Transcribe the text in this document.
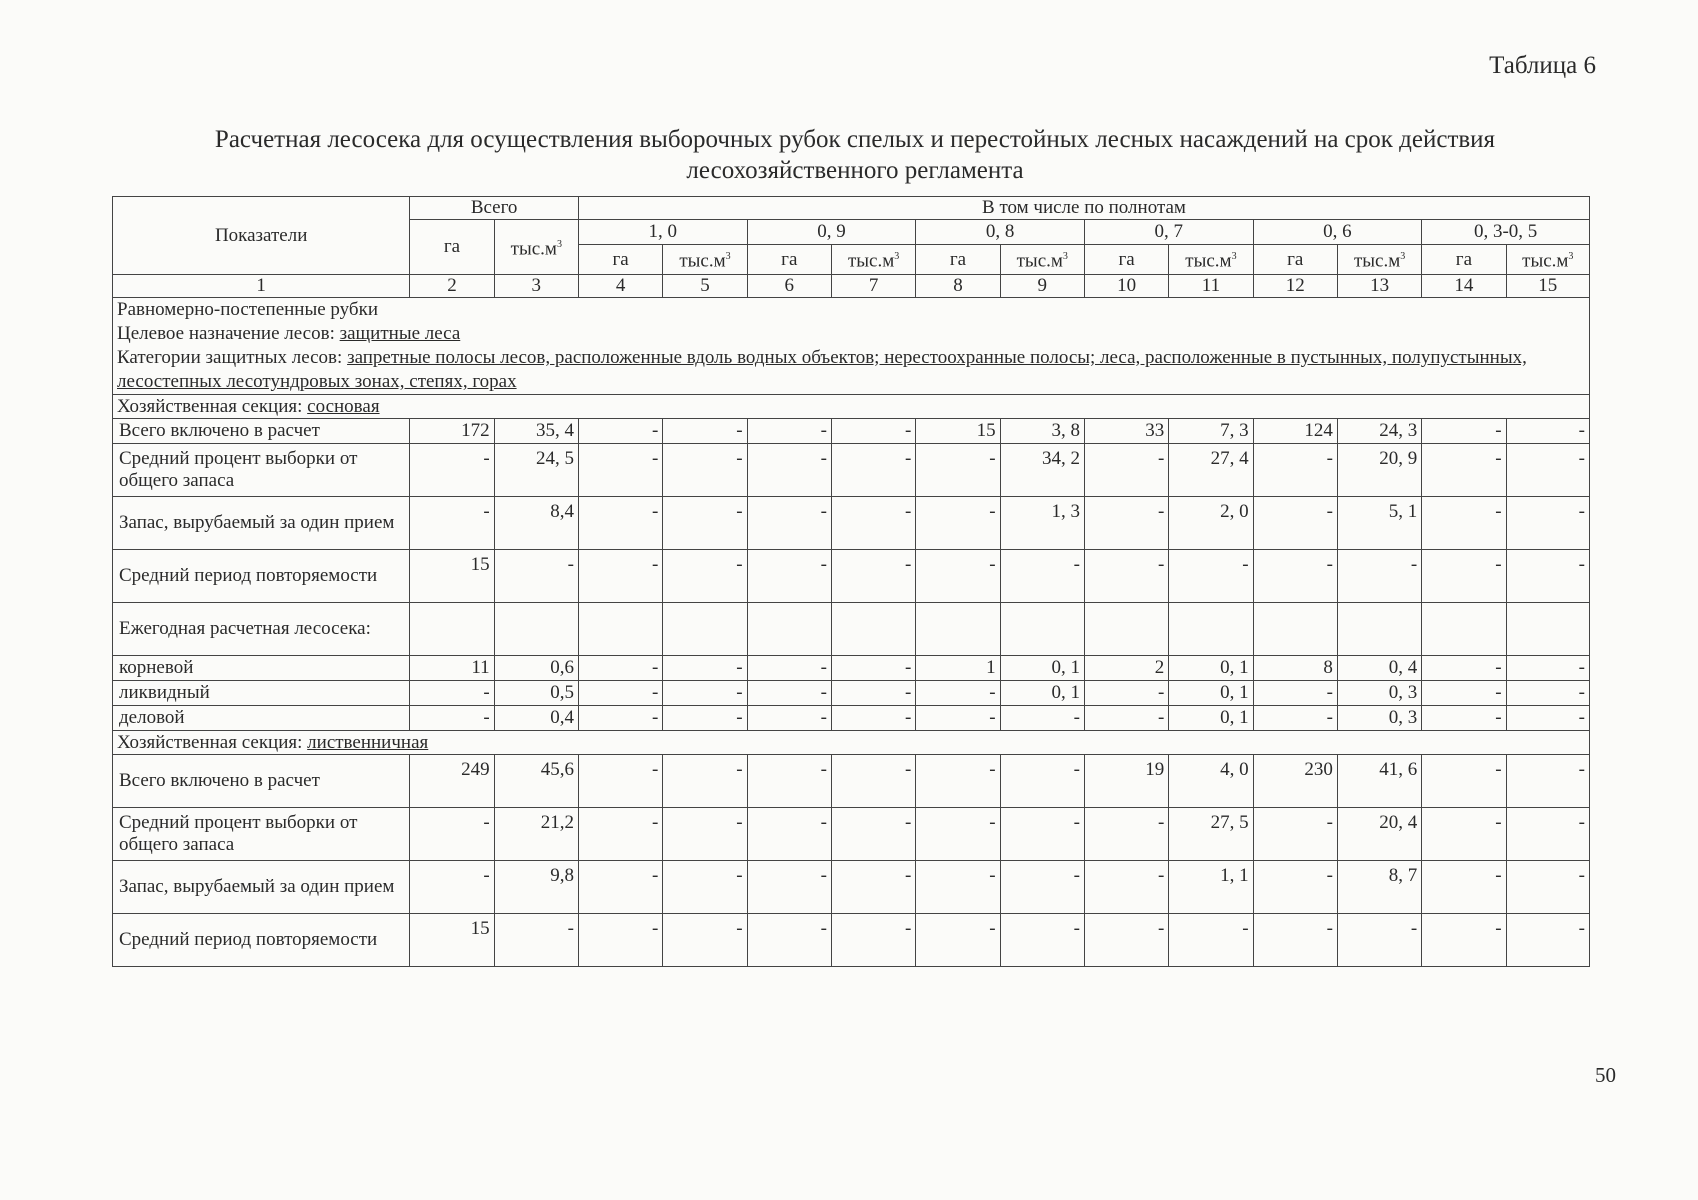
Таблица 6
Расчетная лесосека для осуществления выборочных рубок спелых и перестойных лесных насаждений на срок действия лесохозяйственного регламента
Показатели	Всего		В том числе по полнотам											
	га	$тыс.м^3$	1, 0		0, 9		0, 8		0, 7		0, 6		0, 3-0, 5	
			га	$тыс.м^3$	га	$тыс.м^3$	га	$тыс.м^3$	га	$тыс.м^3$	га	$тыс.м^3$	га	$тыс.м^3$
1	2	3	4	5	6	7	8	9	10	11	12	13	14	15

Равномерно-постепенные рубки
Целевое назначение лесов: защитные леса
Категории защитных лесов: запретные полосы лесов, расположенные вдоль водных объектов; нерестоохранные полосы; леса, расположенные в пустынных, полупустынных, лесостепных лесотундровых зонах, степях, горах														

Хозяйственная секция: сосновая														
Всего включено в расчет	172	35, 4	-	-	-	-	15	3, 8	33	7, 3	124	24, 3	-	-
Средний процент выборки от общего запаса	-	24, 5	-	-	-	-	-	34, 2	-	27, 4	-	20, 9	-	-
Запас, вырубаемый за один прием	-	8,4	-	-	-	-	-	1, 3	-	2, 0	-	5, 1	-	-
Средний период повторяемости	15	-	-	-	-	-	-	-	-	-	-	-	-	-
Ежегодная расчетная лесосека:														
корневой	11	0,6	-	-	-	-	1	0, 1	2	0, 1	8	0, 4	-	-
ликвидный	-	0,5	-	-	-	-	-	0, 1	-	0, 1	-	0, 3	-	-
деловой	-	0,4	-	-	-	-	-	-	-	0, 1	-	0, 3	-	-
Хозяйственная секция: лиственничная														
Всего включено в расчет	249	45,6	-	-	-	-	-	-	19	4, 0	230	41, 6	-	-
Средний процент выборки от общего запаса	-	21,2	-	-	-	-	-	-	-	27, 5	-	20, 4	-	-
Запас, вырубаемый за один прием	-	9,8	-	-	-	-	-	-	-	1, 1	-	8, 7	-	-
Средний период повторяемости	15	-	-	-	-	-	-	-	-	-	-	-	-	-
50
